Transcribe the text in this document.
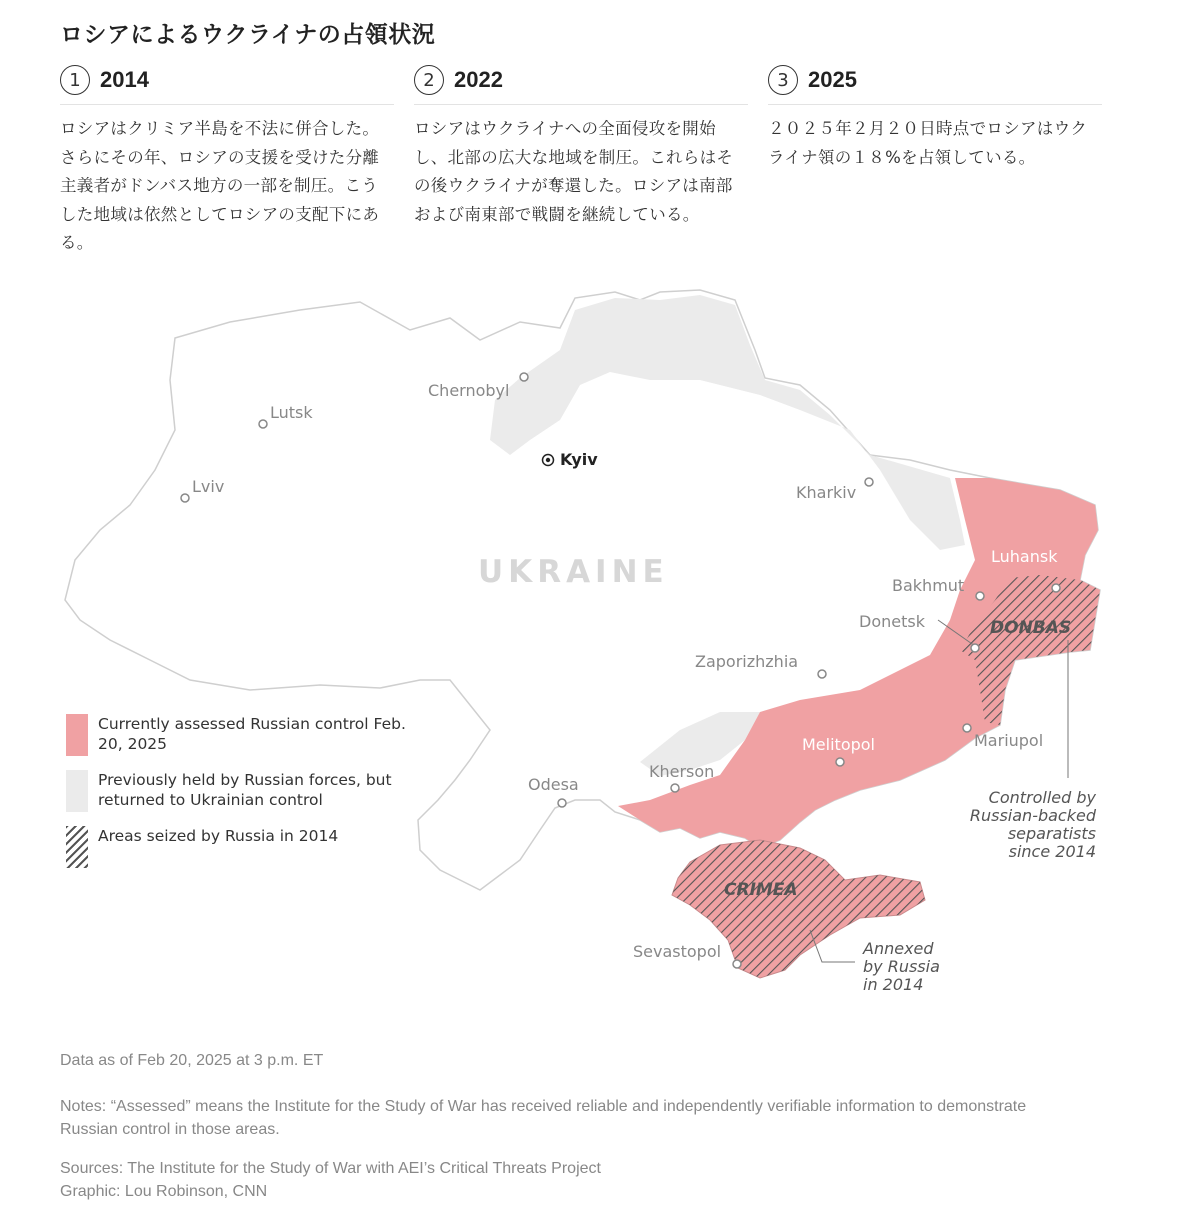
ロシアによるウクライナの占領状況
1 2014
ロシアはクリミア半島を不法に併合した。さらにその年、ロシアの支援を受けた分離主義者がドンバス地方の一部を制圧。こうした地域は依然としてロシアの支配下にある。
2 2022
ロシアはウクライナへの全面侵攻を開始し、北部の広大な地域を制圧。これらはその後ウクライナが奪還した。ロシアは南部および南東部で戦闘を継続している。
3 2025
２０２５年２月２０日時点でロシアはウクライナ領の１８%を占領している。
Lutsk
Lviv
Chernobyl
Kyiv
Kharkiv
Luhansk
Bakhmut
Donetsk
Zaporizhzhia
Melitopol	Mariupol
Kherson
Odesa
Sevastopol
UKRAINE
DONBAS
CRIMEA
Controlled by
Russian-backed
separatists
since 2014
Annexed
by Russia
in 2014
Currently assessed Russian control Feb. 20, 2025
Previously held by Russian forces, but returned to Ukrainian control
Areas seized by Russia in 2014
Data as of Feb 20, 2025 at 3 p.m. ET
Notes: “Assessed” means the Institute for the Study of War has received reliable and independently verifiable information to demonstrate Russian control in those areas.
Sources: The Institute for the Study of War with AEI’s Critical Threats Project
Graphic: Lou Robinson, CNN
